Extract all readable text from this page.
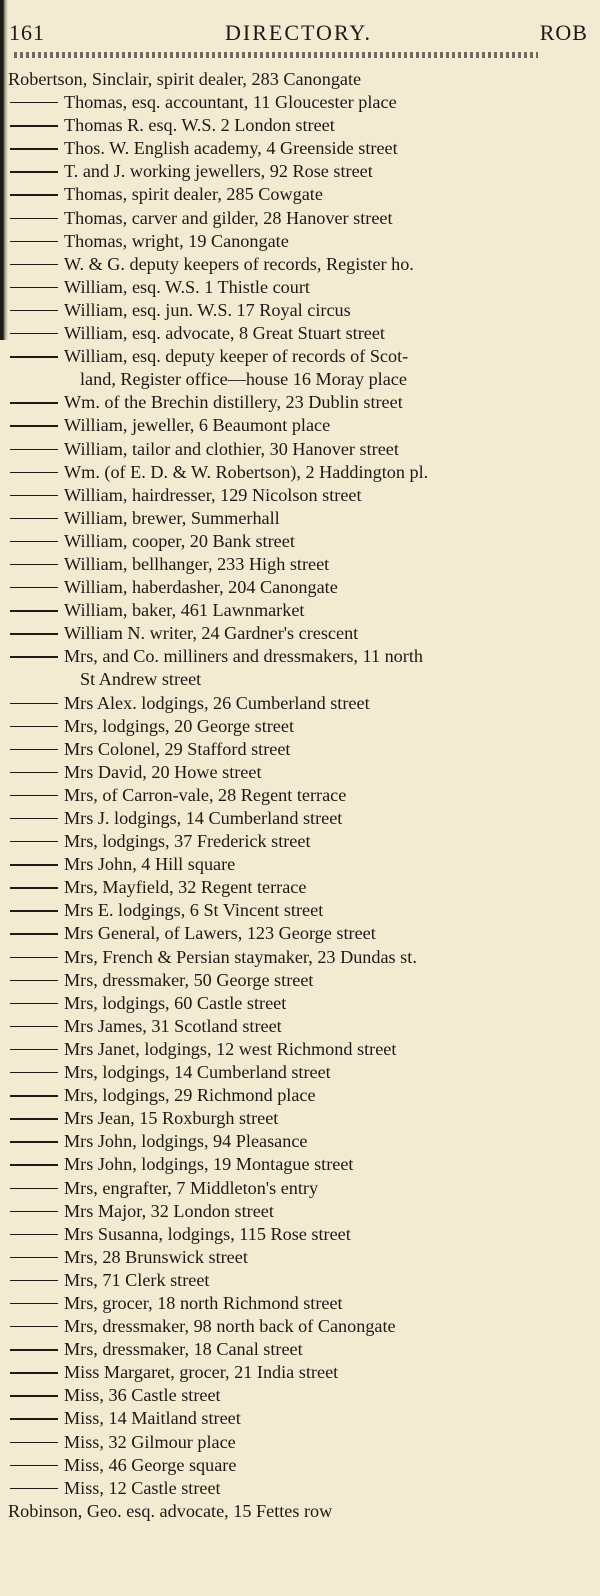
161	DIRECTORY.	ROB
Robertson, Sinclair, spirit dealer, 283 Canongate
Thomas, esq. accountant, 11 Gloucester place
Thomas R. esq. W.S. 2 London street
Thos. W. English academy, 4 Greenside street
T. and J. working jewellers, 92 Rose street
Thomas, spirit dealer, 285 Cowgate
Thomas, carver and gilder, 28 Hanover street
Thomas, wright, 19 Canongate
W. & G. deputy keepers of records, Register ho.
William, esq. W.S. 1 Thistle court
William, esq. jun. W.S. 17 Royal circus
William, esq. advocate, 8 Great Stuart street
William, esq. deputy keeper of records of Scot-
land, Register office—house 16 Moray place
Wm. of the Brechin distillery, 23 Dublin street
William, jeweller, 6 Beaumont place
William, tailor and clothier, 30 Hanover street
Wm. (of E. D. & W. Robertson), 2 Haddington pl.
William, hairdresser, 129 Nicolson street
William, brewer, Summerhall
William, cooper, 20 Bank street
William, bellhanger, 233 High street
William, haberdasher, 204 Canongate
William, baker, 461 Lawnmarket
William N. writer, 24 Gardner's crescent
Mrs, and Co. milliners and dressmakers, 11 north
St Andrew street
Mrs Alex. lodgings, 26 Cumberland street
Mrs, lodgings, 20 George street
Mrs Colonel, 29 Stafford street
Mrs David, 20 Howe street
Mrs, of Carron-vale, 28 Regent terrace
Mrs J. lodgings, 14 Cumberland street
Mrs, lodgings, 37 Frederick street
Mrs John, 4 Hill square
Mrs, Mayfield, 32 Regent terrace
Mrs E. lodgings, 6 St Vincent street
Mrs General, of Lawers, 123 George street
Mrs, French & Persian staymaker, 23 Dundas st.
Mrs, dressmaker, 50 George street
Mrs, lodgings, 60 Castle street
Mrs James, 31 Scotland street
Mrs Janet, lodgings, 12 west Richmond street
Mrs, lodgings, 14 Cumberland street
Mrs, lodgings, 29 Richmond place
Mrs Jean, 15 Roxburgh street
Mrs John, lodgings, 94 Pleasance
Mrs John, lodgings, 19 Montague street
Mrs, engrafter, 7 Middleton's entry
Mrs Major, 32 London street
Mrs Susanna, lodgings, 115 Rose street
Mrs, 28 Brunswick street
Mrs, 71 Clerk street
Mrs, grocer, 18 north Richmond street
Mrs, dressmaker, 98 north back of Canongate
Mrs, dressmaker, 18 Canal street
Miss Margaret, grocer, 21 India street
Miss, 36 Castle street
Miss, 14 Maitland street
Miss, 32 Gilmour place
Miss, 46 George square
Miss, 12 Castle street
Robinson, Geo. esq. advocate, 15 Fettes row
